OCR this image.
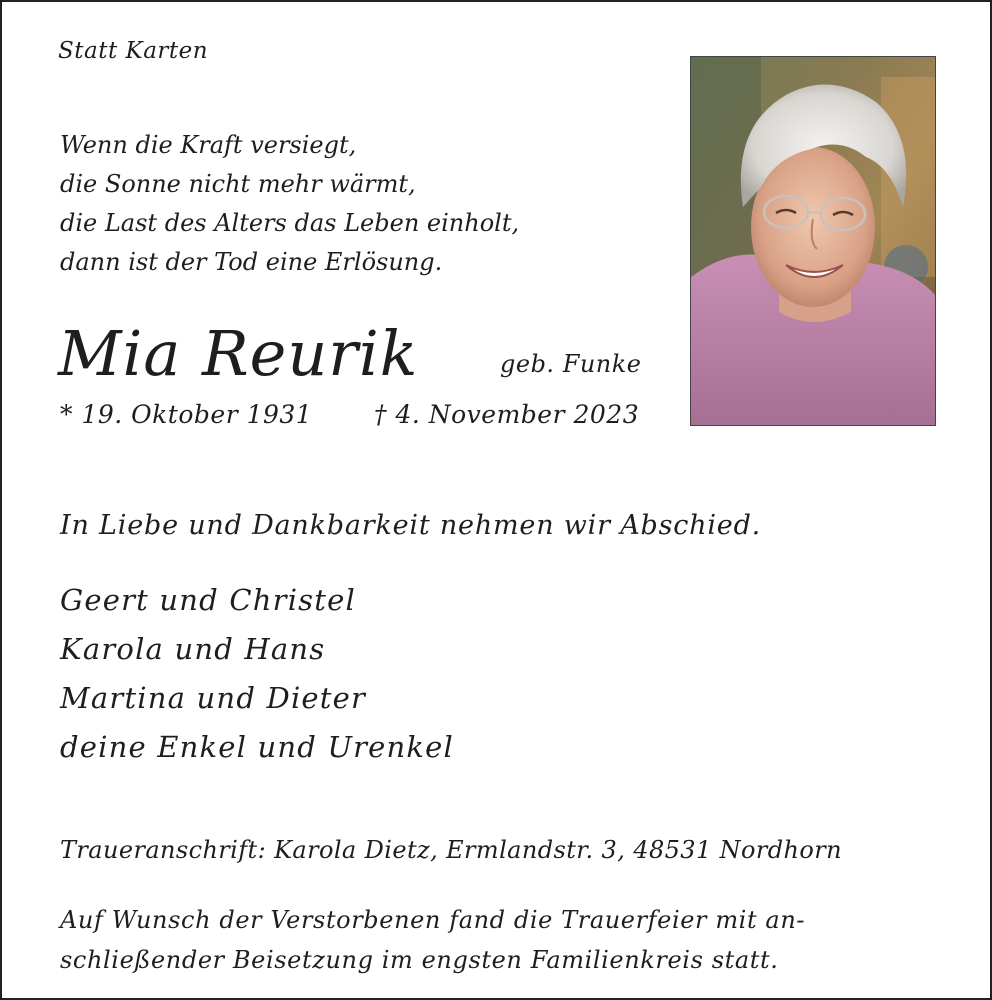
Statt Karten

Wenn die Kraft versiegt,
die Sonne nicht mehr wärmt,
die Last des Alters das Leben einholt,
dann ist der Tod eine Erlösung.
Mia Reurik	geb. Funke

* 19. Oktober 1931 † 4. November 2023

In Liebe und Dankbarkeit nehmen wir Abschied.

Geert und Christel
Karola und Hans
Martina und Dieter
deine Enkel und Urenkel

Traueranschrift: Karola Dietz, Ermlandstr. 3, 48531 Nordhorn

Auf Wunsch der Verstorbenen fand die Trauerfeier mit an-
schließender Beisetzung im engsten Familienkreis statt.
